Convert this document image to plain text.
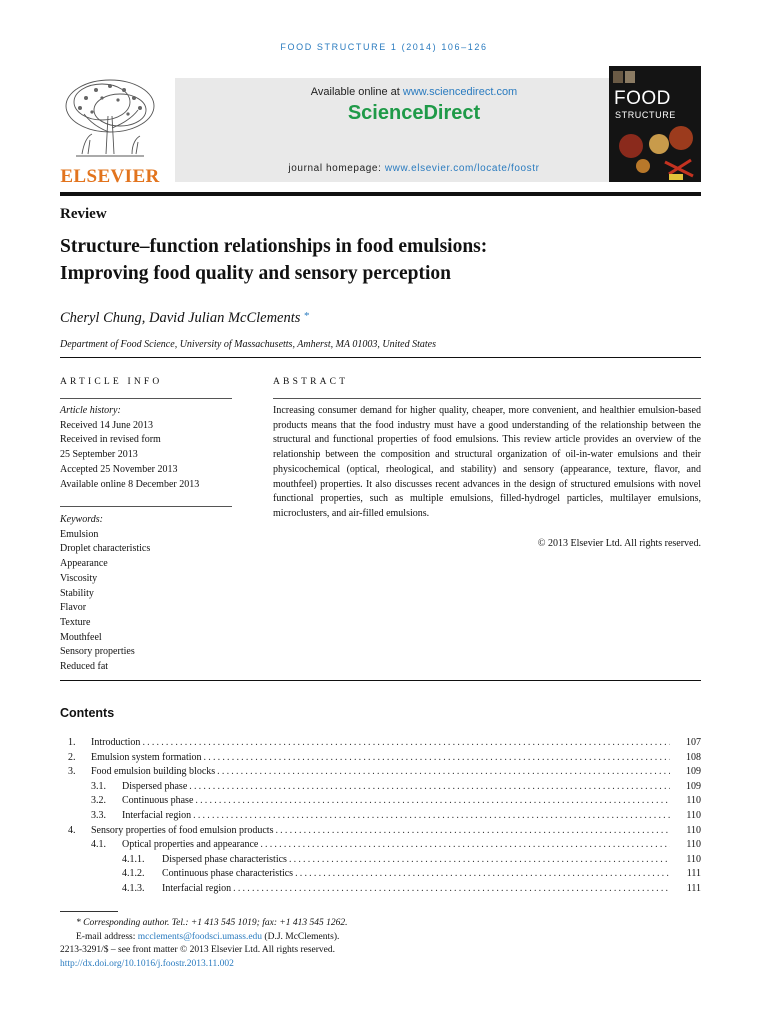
FOOD STRUCTURE 1 (2014) 106–126
ELSEVIER
Available online at www.sciencedirect.com
ScienceDirect
journal homepage: www.elsevier.com/locate/foostr
FOOD
STRUCTURE
Review
Structure–function relationships in food emulsions:
Improving food quality and sensory perception
Cheryl Chung, David Julian McClements *
Department of Food Science, University of Massachusetts, Amherst, MA 01003, United States
ARTICLE INFO
Article history:
Received 14 June 2013
Received in revised form
25 September 2013
Accepted 25 November 2013
Available online 8 December 2013
Keywords:
Emulsion
Droplet characteristics
Appearance
Viscosity
Stability
Flavor
Texture
Mouthfeel
Sensory properties
Reduced fat
ABSTRACT
Increasing consumer demand for higher quality, cheaper, more convenient, and healthier emulsion-based products means that the food industry must have a good understanding of the relationship between the structural and functional properties of food emulsions. This review article provides an overview of the relationship between the composition and structural organization of oil-in-water emulsions and their physicochemical (optical, rheological, and stability) and sensory (appearance, texture, flavor, and mouthfeel) properties. It also discusses recent advances in the design of structured emulsions with novel functional properties, such as multiple emulsions, filled-hydrogel particles, multilayer emulsions, microclusters, and air-filled emulsions.
© 2013 Elsevier Ltd. All rights reserved.
Contents
1.	Introduction .....	107
2.	Emulsion system formation .....	108
3.	Food emulsion building blocks .....	109
3.1.	Dispersed phase .....	109
3.2.	Continuous phase .....	110
3.3.	Interfacial region .....	110
4.	Sensory properties of food emulsion products .....	110
4.1.	Optical properties and appearance .....	110
4.1.1.	Dispersed phase characteristics .....	110
4.1.2.	Continuous phase characteristics .....	111
4.1.3.	Interfacial region .....	111
* Corresponding author. Tel.: +1 413 545 1019; fax: +1 413 545 1262.
E-mail address: mcclements@foodsci.umass.edu (D.J. McClements).
2213-3291/$ – see front matter © 2013 Elsevier Ltd. All rights reserved.
http://dx.doi.org/10.1016/j.foostr.2013.11.002
